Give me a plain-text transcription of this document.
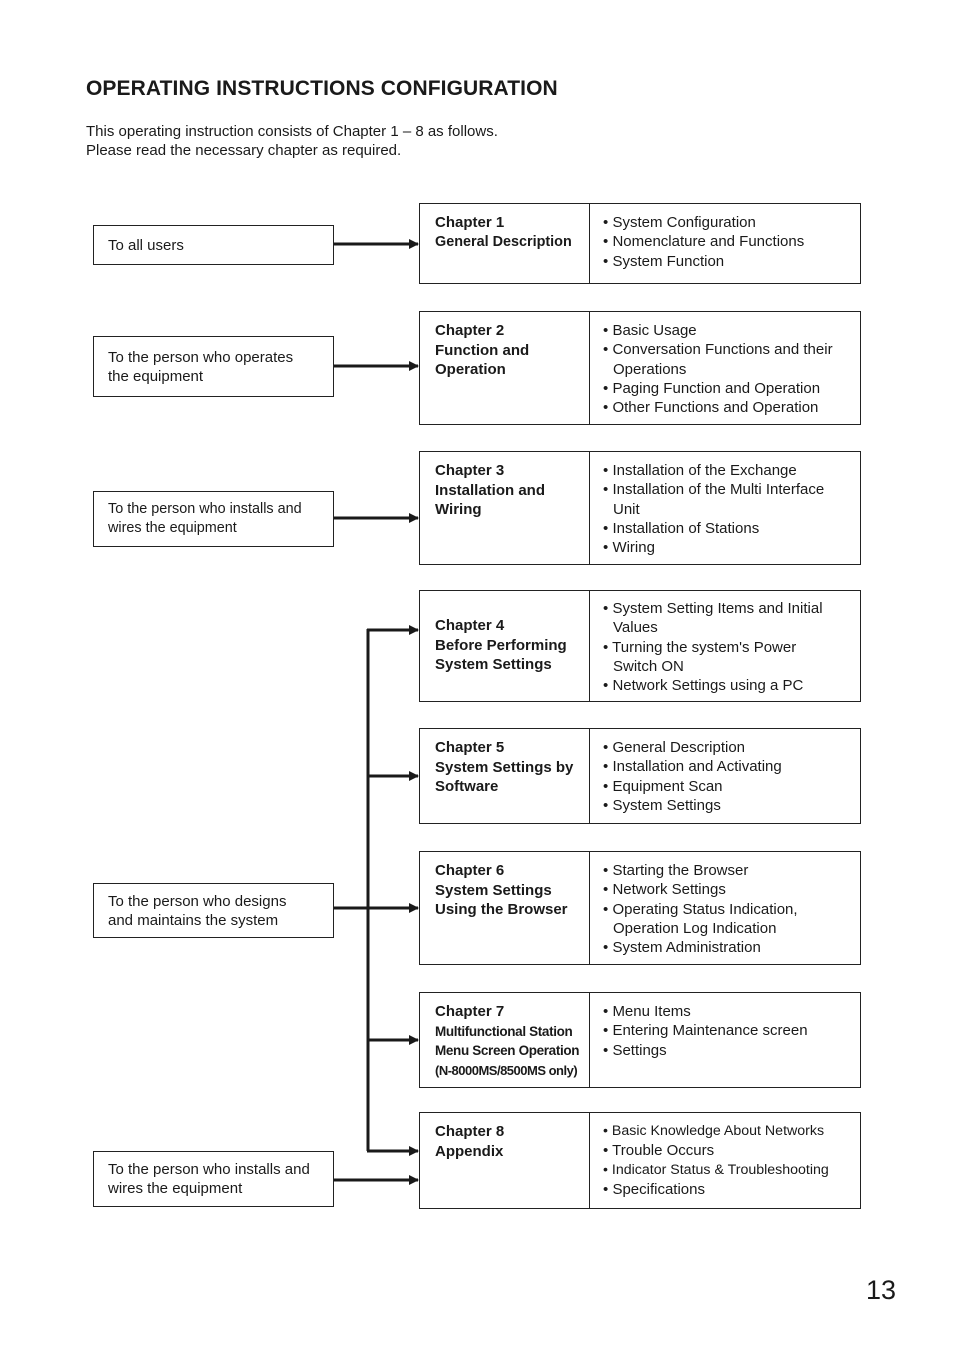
OPERATING INSTRUCTIONS CONFIGURATION
This operating instruction consists of Chapter 1 – 8 as follows.
Please read the necessary chapter as required.
To all users
To the person who operates
the equipment
To the person who installs and
wires the equipment
To the person who designs
and maintains the system
To the person who installs and
wires the equipment
Chapter 1
General Description
• System Configuration
• Nomenclature and Functions
• System Function
Chapter 2
Function and
Operation
• Basic Usage
• Conversation Functions and their Operations
• Paging Function and Operation
• Other Functions and Operation
Chapter 3
Installation and
Wiring
• Installation of the Exchange
• Installation of the Multi Interface Unit
• Installation of Stations
• Wiring
Chapter 4
Before Performing
System Settings
• System Setting Items and Initial Values
• Turning the system's Power Switch ON
• Network Settings using a PC
Chapter 5
System Settings by
Software
• General Description
• Installation and Activating
• Equipment Scan
• System Settings
Chapter 6
System Settings
Using the Browser
• Starting the Browser
• Network Settings
• Operating Status Indication, Operation Log Indication
• System Administration
Chapter 7
Multifunctional Station
Menu Screen Operation
(N-8000MS/8500MS only)
• Menu Items
• Entering Maintenance screen
• Settings
Chapter 8
Appendix
• Basic Knowledge About Networks
• Trouble Occurs
• Indicator Status & Troubleshooting
• Specifications
13
